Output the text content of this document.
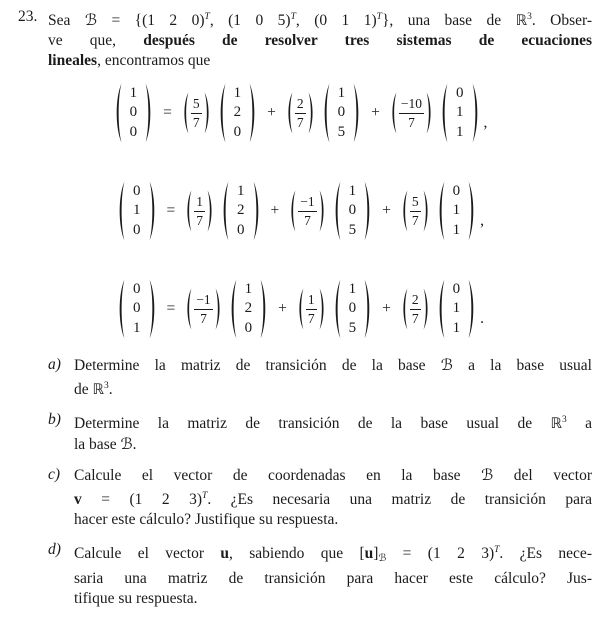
23. Sea ℬ = {(1 2 0)$^T$, (1 0 5)$^T$, (0 1 1)$^T$}, una base de ℝ$^3$. Obser-
ve que, después de resolver tres sistemas de ecuaciones
lineales, encontramos que
1
0
0
= $\frac{5}{7}$
1
2
0
+ $\frac{2}{7}$
1
0
5
+ $\frac{-10}{7}$
0
1
1
,
0
1
0
= $\frac{1}{7}$
1
2
0
+ $\frac{-1}{7}$
1
0
5
+ $\frac{5}{7}$
0
1
1
,
0
0
1
= $\frac{-1}{7}$
1
2
0
+ $\frac{1}{7}$
1
0
5
+ $\frac{2}{7}$
0
1
1
.
a) Determine la matriz de transición de la base ℬ a la base usual
de ℝ$^3$.
b) Determine la matriz de transición de la base usual de ℝ$^3$ a
la base ℬ.
c) Calcule el vector de coordenadas en la base ℬ del vector
v = (1 2 3)$^T$. ¿Es necesaria una matriz de transición para
hacer este cálculo? Justifique su respuesta.
d) Calcule el vector u, sabiendo que [u]ℬ = (1 2 3)$^T$. ¿Es nece-
saria una matriz de transición para hacer este cálculo? Jus-
tifique su respuesta.
